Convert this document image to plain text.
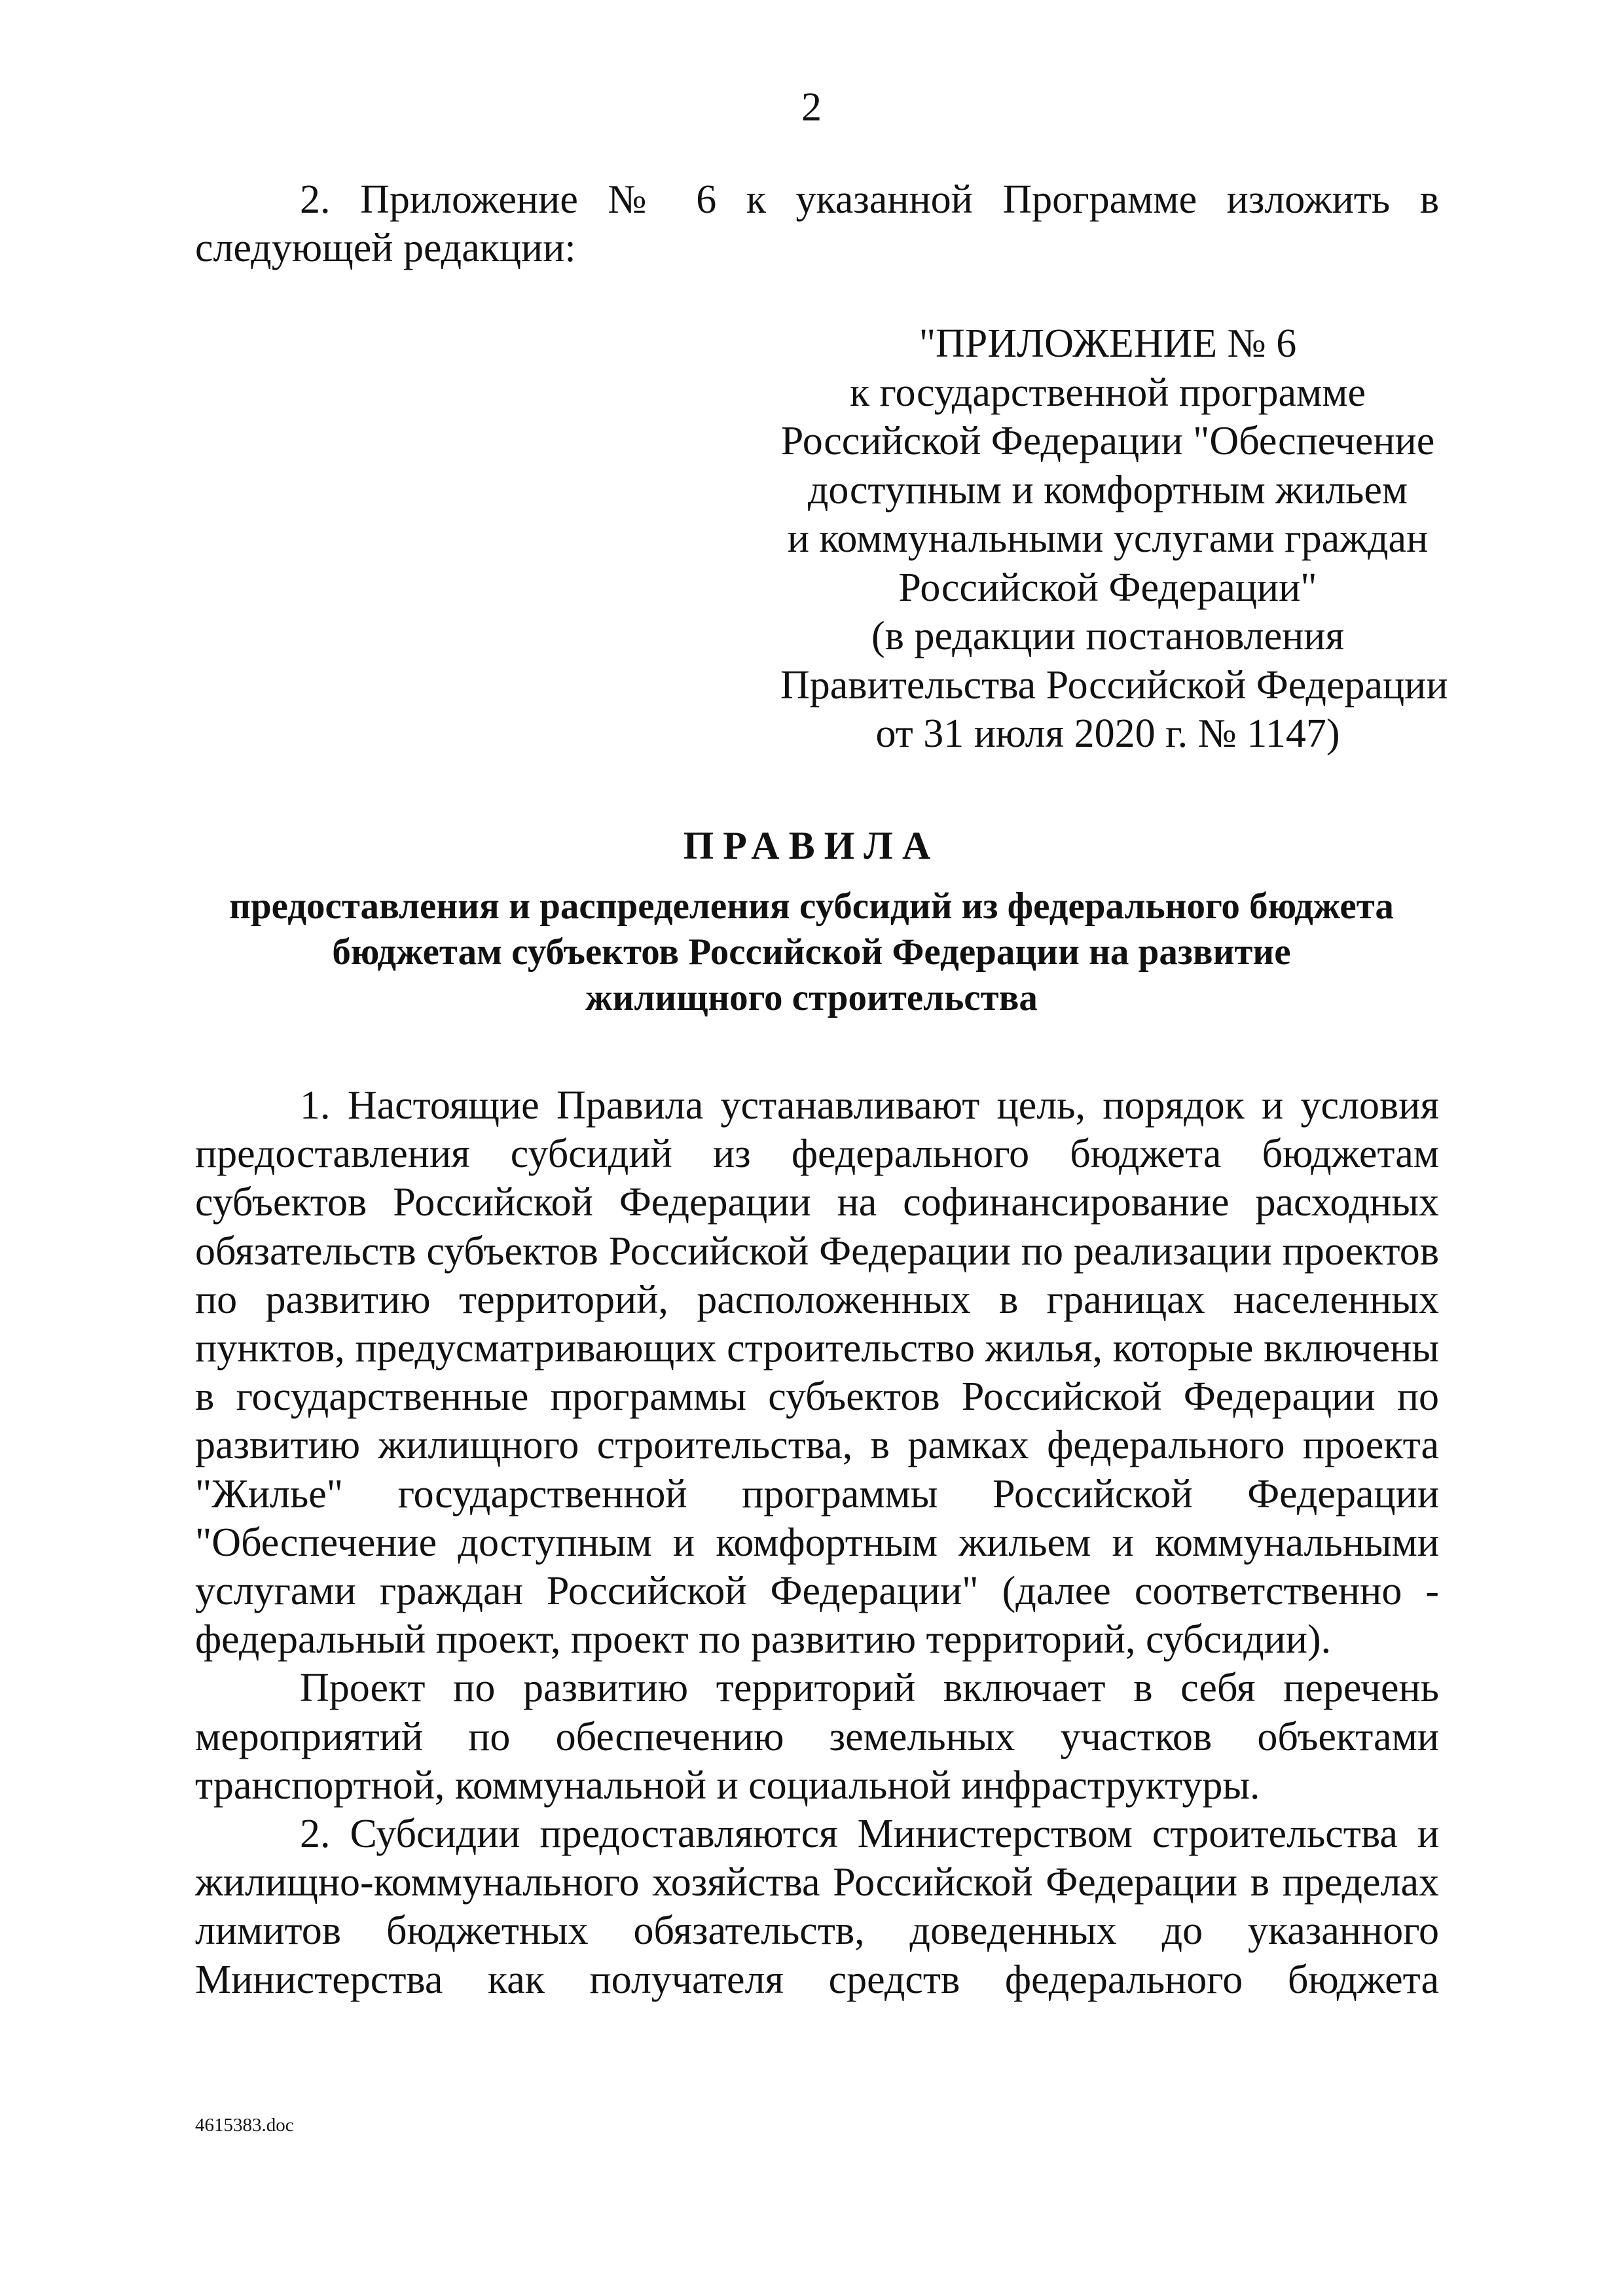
2

2. Приложение № 6 к указанной Программе изложить в следующей редакции:

"ПРИЛОЖЕНИЕ № 6
к государственной программе
Российской Федерации "Обеспечение
доступным и комфортным жильем
и коммунальными услугами граждан
Российской Федерации"
(в редакции постановления
Правительства Российской Федерации
от 31 июля 2020 г. № 1147)
ПРАВИЛА
предоставления и распределения субсидий из федерального бюджета
бюджетам субъектов Российской Федерации на развитие
жилищного строительства

1. Настоящие Правила устанавливают цель, порядок и условия предоставления субсидий из федерального бюджета бюджетам субъектов Российской Федерации на софинансирование расходных обязательств субъектов Российской Федерации по реализации проектов по развитию территорий, расположенных в границах населенных пунктов, предусматривающих строительство жилья, которые включены в государственные программы субъектов Российской Федерации по развитию жилищного строительства, в рамках федерального проекта "Жилье" государственной программы Российской Федерации "Обеспечение доступным и комфортным жильем и коммунальными услугами граждан Российской Федерации" (далее соответственно - федеральный проект, проект по развитию территорий, субсидии).

Проект по развитию территорий включает в себя перечень мероприятий по обеспечению земельных участков объектами транспортной, коммунальной и социальной инфраструктуры.

2. Субсидии предоставляются Министерством строительства и жилищно-коммунального хозяйства Российской Федерации в пределах лимитов бюджетных обязательств, доведенных до указанного Министерства как получателя средств федерального бюджета

4615383.doc
